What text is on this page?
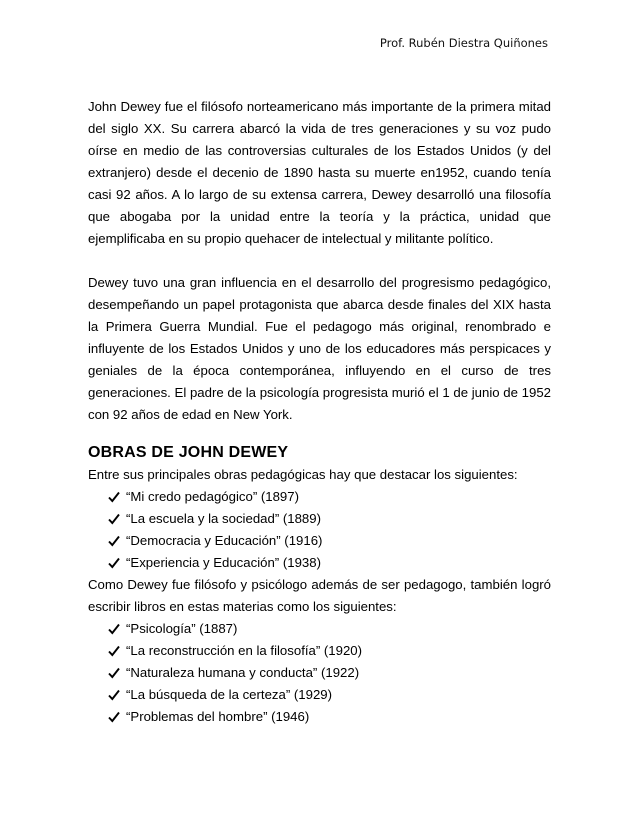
Prof. Rubén Diestra Quiñones

John Dewey fue el filósofo norteamericano más importante de la primera mitad del siglo XX. Su carrera abarcó la vida de tres generaciones y su voz pudo oírse en medio de las controversias culturales de los Estados Unidos (y del extranjero) desde el decenio de 1890 hasta su muerte en1952, cuando tenía casi 92 años. A lo largo de su extensa carrera, Dewey desarrolló una filosofía que abogaba por la unidad entre la teoría y la práctica, unidad que ejemplificaba en su propio quehacer de intelectual y militante político.

Dewey tuvo una gran influencia en el desarrollo del progresismo pedagógico, desempeñando un papel protagonista que abarca desde finales del XIX hasta la Primera Guerra Mundial. Fue el pedagogo más original, renombrado e influyente de los Estados Unidos y uno de los educadores más perspicaces y geniales de la época contemporánea, influyendo en el curso de tres generaciones. El padre de la psicología progresista murió el 1 de junio de 1952 con 92 años de edad en New York.

OBRAS DE JOHN DEWEY

Entre sus principales obras pedagógicas hay que destacar los siguientes:

“Mi credo pedagógico” (1897)
“La escuela y la sociedad” (1889)
“Democracia y Educación” (1916)
“Experiencia y Educación” (1938)

Como Dewey fue filósofo y psicólogo además de ser pedagogo, también logró escribir libros en estas materias como los siguientes:

“Psicología” (1887)
“La reconstrucción en la filosofía” (1920)
“Naturaleza humana y conducta” (1922)
“La búsqueda de la certeza” (1929)
“Problemas del hombre” (1946)
